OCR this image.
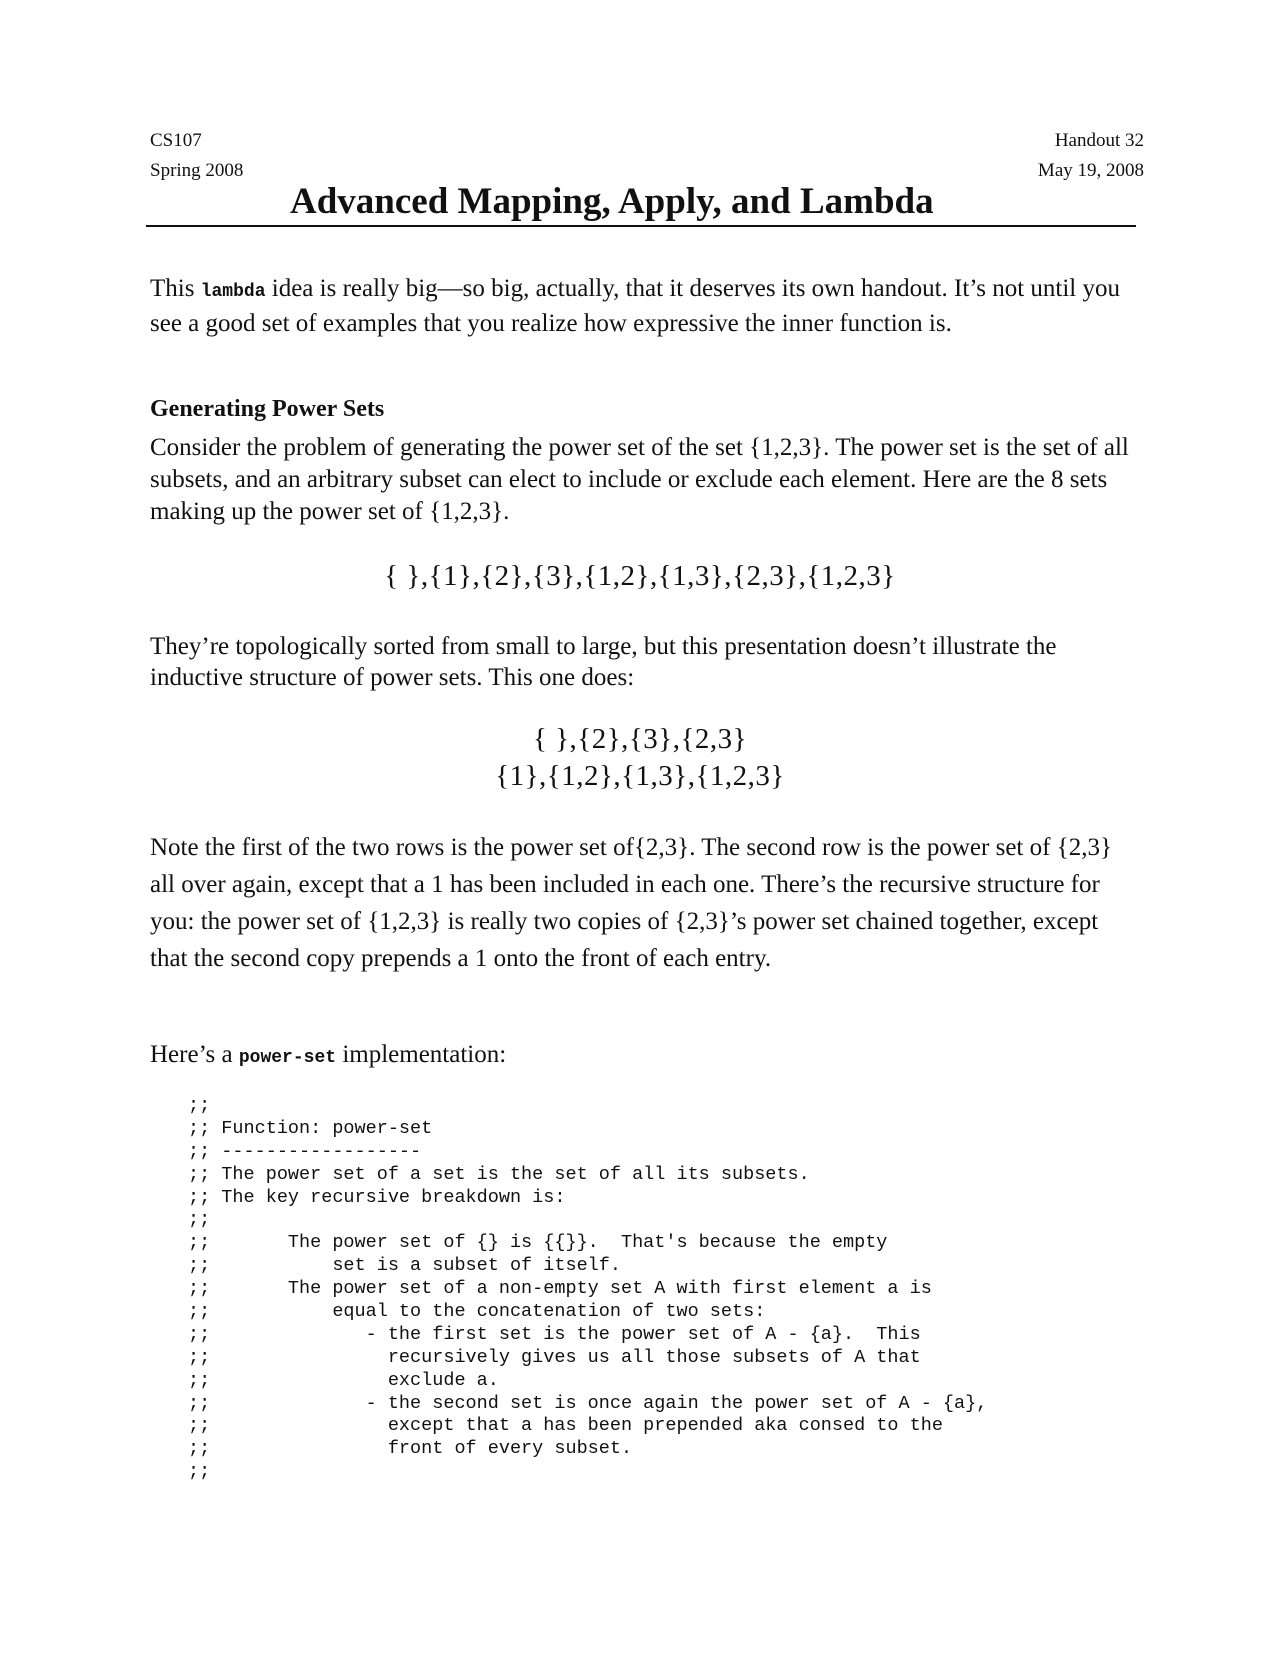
CS107
Spring 2008
Handout 32
May 19, 2008
Advanced Mapping, Apply, and Lambda
This lambda idea is really big—so big, actually, that it deserves its own handout. It’s not until you see a good set of examples that you realize how expressive the inner function is.
Generating Power Sets
Consider the problem of generating the power set of the set {1,2,3}. The power set is the set of all subsets, and an arbitrary subset can elect to include or exclude each element. Here are the 8 sets making up the power set of {1,2,3}.
{ },{1},{2},{3},{1,2},{1,3},{2,3},{1,2,3}
They’re topologically sorted from small to large, but this presentation doesn’t illustrate the inductive structure of power sets. This one does:
{ },{2},{3},{2,3}
{1},{1,2},{1,3},{1,2,3}
Note the first of the two rows is the power set of{2,3}. The second row is the power set of {2,3} all over again, except that a 1 has been included in each one. There’s the recursive structure for you: the power set of {1,2,3} is really two copies of {2,3}’s power set chained together, except that the second copy prepends a 1 onto the front of each entry.
Here’s a power-set implementation:
;;
;; Function: power-set
;; ------------------
;; The power set of a set is the set of all its subsets.
;; The key recursive breakdown is:
;;
;;       The power set of {} is {{}}.  That's because the empty
;;           set is a subset of itself.
;;       The power set of a non-empty set A with first element a is
;;           equal to the concatenation of two sets:
;;              - the first set is the power set of A - {a}.  This
;;                recursively gives us all those subsets of A that
;;                exclude a.
;;              - the second set is once again the power set of A - {a},
;;                except that a has been prepended aka consed to the
;;                front of every subset.
;;
